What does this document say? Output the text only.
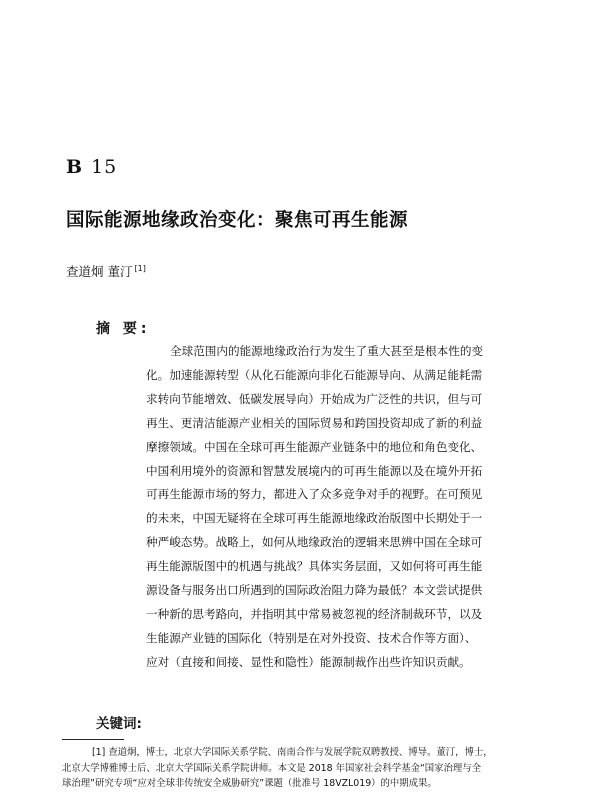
B 15
国际能源地缘政治变化：聚焦可再生能源
查道炯 董汀 [1]
摘 要:
全球范围内的能源地缘政治行为发生了重大甚至是根本性的变
化。加速能源转型（从化石能源向非化石能源导向、从满足能耗需
求转向节能增效、低碳发展导向）开始成为广泛性的共识，但与可
再生、更清洁能源产业相关的国际贸易和跨国投资却成了新的利益
摩擦领域。中国在全球可再生能源产业链条中的地位和角色变化、
中国利用境外的资源和智慧发展境内的可再生能源以及在境外开拓
可再生能源市场的努力，都进入了众多竞争对手的视野。在可预见
的未来，中国无疑将在全球可再生能源地缘政治版图中长期处于一
种严峻态势。战略上，如何从地缘政治的逻辑来思辨中国在全球可
再生能源版图中的机遇与挑战？具体实务层面，又如何将可再生能
源设备与服务出口所遇到的国际政治阻力降为最低？本文尝试提供
一种新的思考路向，并指明其中常易被忽视的经济制裁环节，以及
生能源产业链的国际化（特别是在对外投资、技术合作等方面）、
应对（直接和间接、显性和隐性）能源制裁作出些许知识贡献。
关键词:
[1] 查道炯，博士，北京大学国际关系学院、南南合作与发展学院双聘教授、博导。董汀，博士，
北京大学博雅博士后、北京大学国际关系学院讲师。本文是 2018 年国家社会科学基金“国家治理与全
球治理”研究专项“应对全球非传统安全威胁研究”课题（批准号 18VZL019）的中期成果。
